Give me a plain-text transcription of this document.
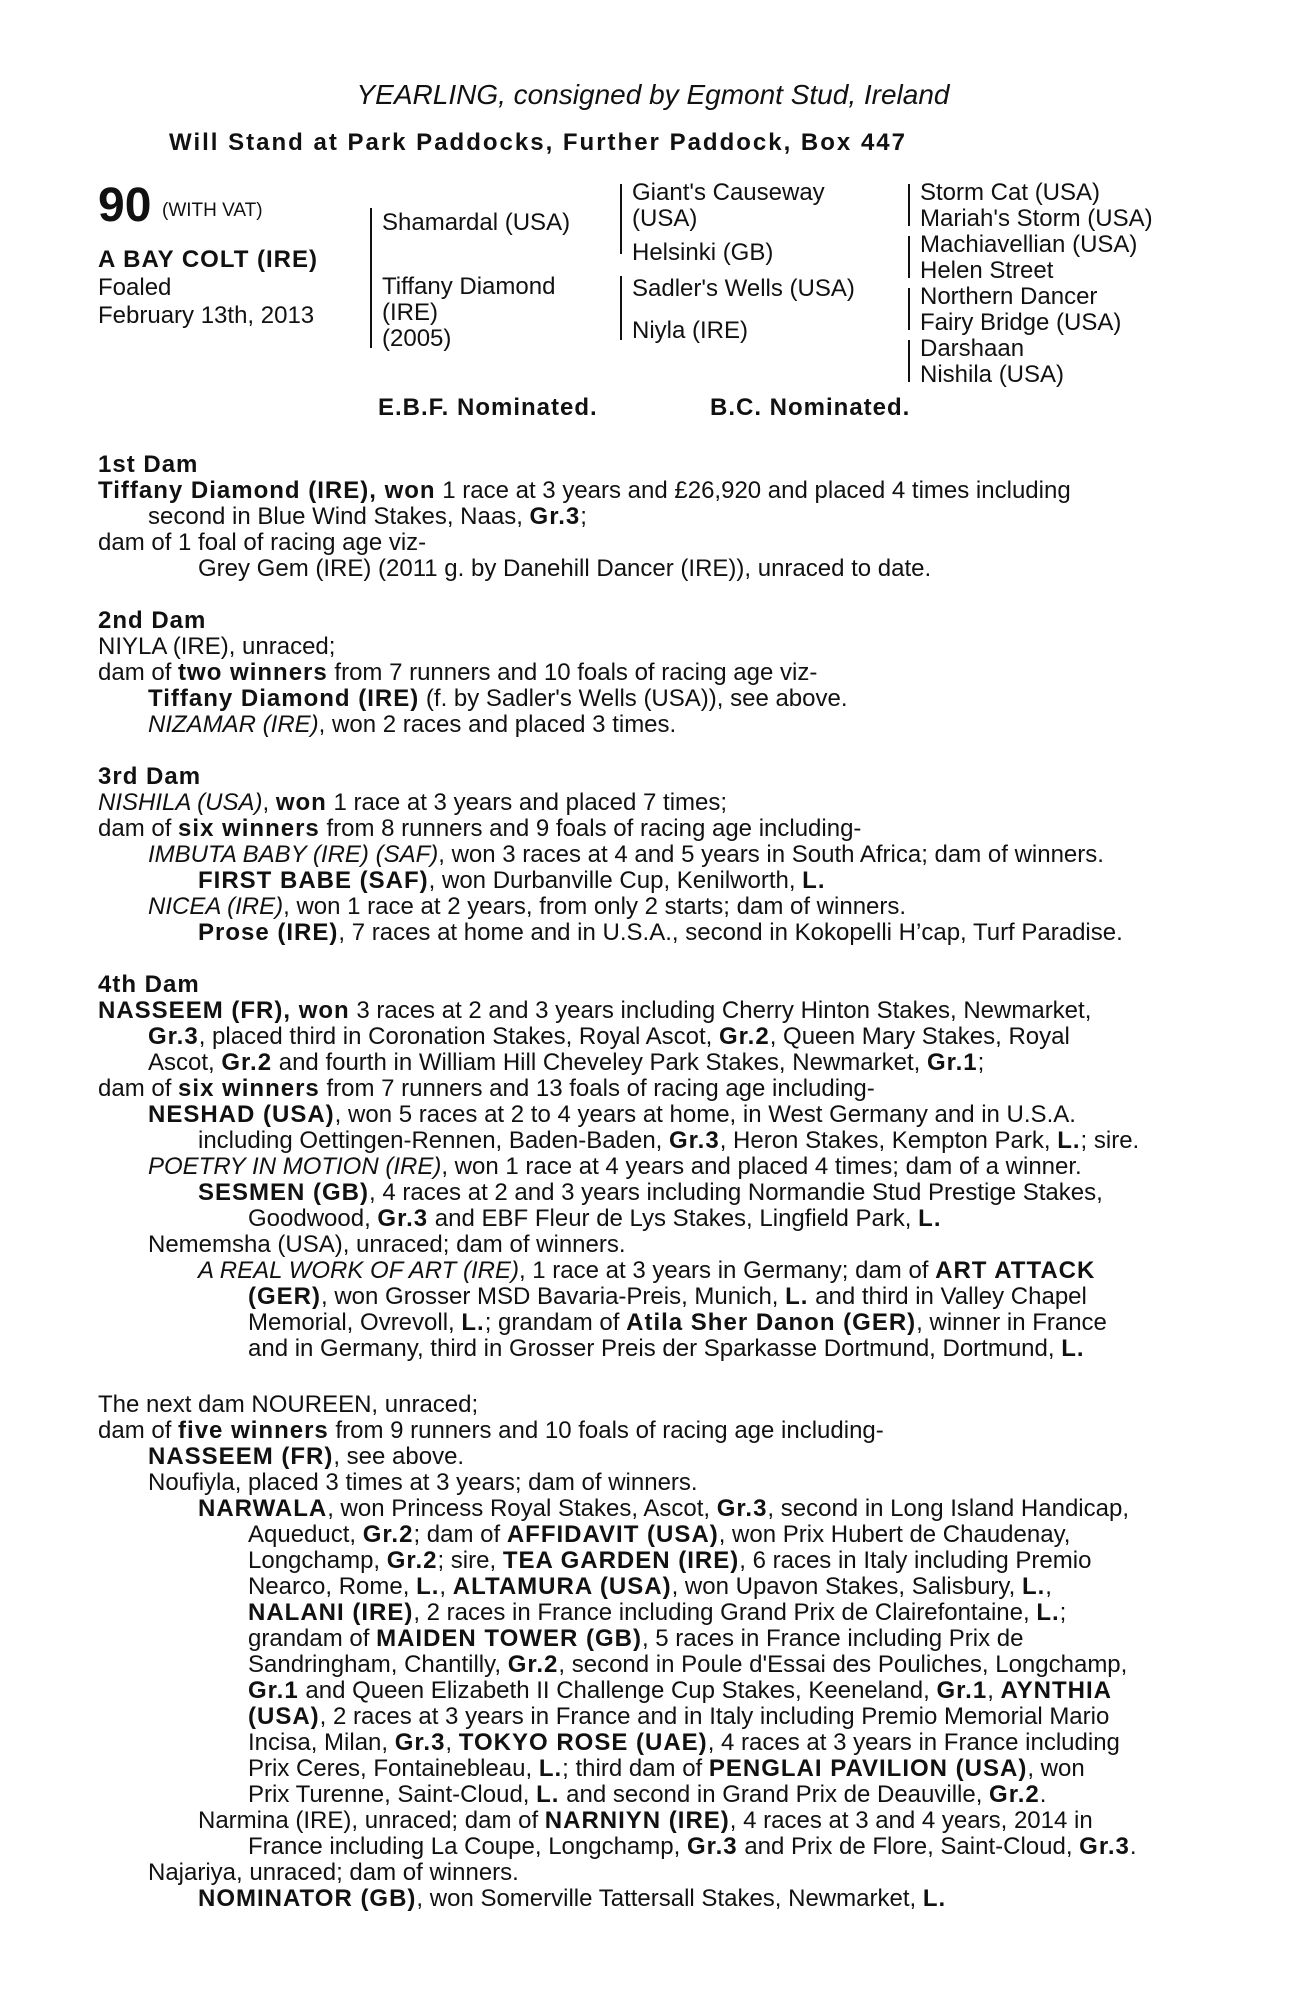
YEARLING, consigned by Egmont Stud, Ireland

Will Stand at Park Paddocks, Further Paddock, Box 447
90 (WITH VAT)
A BAY COLT (IRE)
Foaled
February 13th, 2013
Shamardal (USA)
Tiffany Diamond
(IRE)
(2005)
Giant's Causeway
(USA)
Helsinki (GB)
Sadler's Wells (USA)
Niyla (IRE)
Storm Cat (USA)
Mariah's Storm (USA)
Machiavellian (USA)
Helen Street
Northern Dancer
Fairy Bridge (USA)
Darshaan
Nishila (USA)
E.B.F. Nominated.	B.C. Nominated.
1st Dam
Tiffany Diamond (IRE), won 1 race at 3 years and £26,920 and placed 4 times including
second in Blue Wind Stakes, Naas, Gr.3;
dam of 1 foal of racing age viz-
Grey Gem (IRE) (2011 g. by Danehill Dancer (IRE)), unraced to date.
2nd Dam
NIYLA (IRE), unraced;
dam of two winners from 7 runners and 10 foals of racing age viz-
Tiffany Diamond (IRE) (f. by Sadler's Wells (USA)), see above.
NIZAMAR (IRE), won 2 races and placed 3 times.
3rd Dam
NISHILA (USA), won 1 race at 3 years and placed 7 times;
dam of six winners from 8 runners and 9 foals of racing age including-
IMBUTA BABY (IRE) (SAF), won 3 races at 4 and 5 years in South Africa; dam of winners.
FIRST BABE (SAF), won Durbanville Cup, Kenilworth, L.
NICEA (IRE), won 1 race at 2 years, from only 2 starts; dam of winners.
Prose (IRE), 7 races at home and in U.S.A., second in Kokopelli H’cap, Turf Paradise.
4th Dam
NASSEEM (FR), won 3 races at 2 and 3 years including Cherry Hinton Stakes, Newmarket,
Gr.3, placed third in Coronation Stakes, Royal Ascot, Gr.2, Queen Mary Stakes, Royal
Ascot, Gr.2 and fourth in William Hill Cheveley Park Stakes, Newmarket, Gr.1;
dam of six winners from 7 runners and 13 foals of racing age including-
NESHAD (USA), won 5 races at 2 to 4 years at home, in West Germany and in U.S.A.
including Oettingen-Rennen, Baden-Baden, Gr.3, Heron Stakes, Kempton Park, L.; sire.
POETRY IN MOTION (IRE), won 1 race at 4 years and placed 4 times; dam of a winner.
SESMEN (GB), 4 races at 2 and 3 years including Normandie Stud Prestige Stakes,
Goodwood, Gr.3 and EBF Fleur de Lys Stakes, Lingfield Park, L.
Nememsha (USA), unraced; dam of winners.
A REAL WORK OF ART (IRE), 1 race at 3 years in Germany; dam of ART ATTACK
(GER), won Grosser MSD Bavaria-Preis, Munich, L. and third in Valley Chapel
Memorial, Ovrevoll, L.; grandam of Atila Sher Danon (GER), winner in France
and in Germany, third in Grosser Preis der Sparkasse Dortmund, Dortmund, L.
The next dam NOUREEN, unraced;
dam of five winners from 9 runners and 10 foals of racing age including-
NASSEEM (FR), see above.
Noufiyla, placed 3 times at 3 years; dam of winners.
NARWALA, won Princess Royal Stakes, Ascot, Gr.3, second in Long Island Handicap,
Aqueduct, Gr.2; dam of AFFIDAVIT (USA), won Prix Hubert de Chaudenay,
Longchamp, Gr.2; sire, TEA GARDEN (IRE), 6 races in Italy including Premio
Nearco, Rome, L., ALTAMURA (USA), won Upavon Stakes, Salisbury, L.,
NALANI (IRE), 2 races in France including Grand Prix de Clairefontaine, L.;
grandam of MAIDEN TOWER (GB), 5 races in France including Prix de
Sandringham, Chantilly, Gr.2, second in Poule d'Essai des Pouliches, Longchamp,
Gr.1 and Queen Elizabeth II Challenge Cup Stakes, Keeneland, Gr.1, AYNTHIA
(USA), 2 races at 3 years in France and in Italy including Premio Memorial Mario
Incisa, Milan, Gr.3, TOKYO ROSE (UAE), 4 races at 3 years in France including
Prix Ceres, Fontainebleau, L.; third dam of PENGLAI PAVILION (USA), won
Prix Turenne, Saint-Cloud, L. and second in Grand Prix de Deauville, Gr.2.
Narmina (IRE), unraced; dam of NARNIYN (IRE), 4 races at 3 and 4 years, 2014 in
France including La Coupe, Longchamp, Gr.3 and Prix de Flore, Saint-Cloud, Gr.3.
Najariya, unraced; dam of winners.
NOMINATOR (GB), won Somerville Tattersall Stakes, Newmarket, L.
